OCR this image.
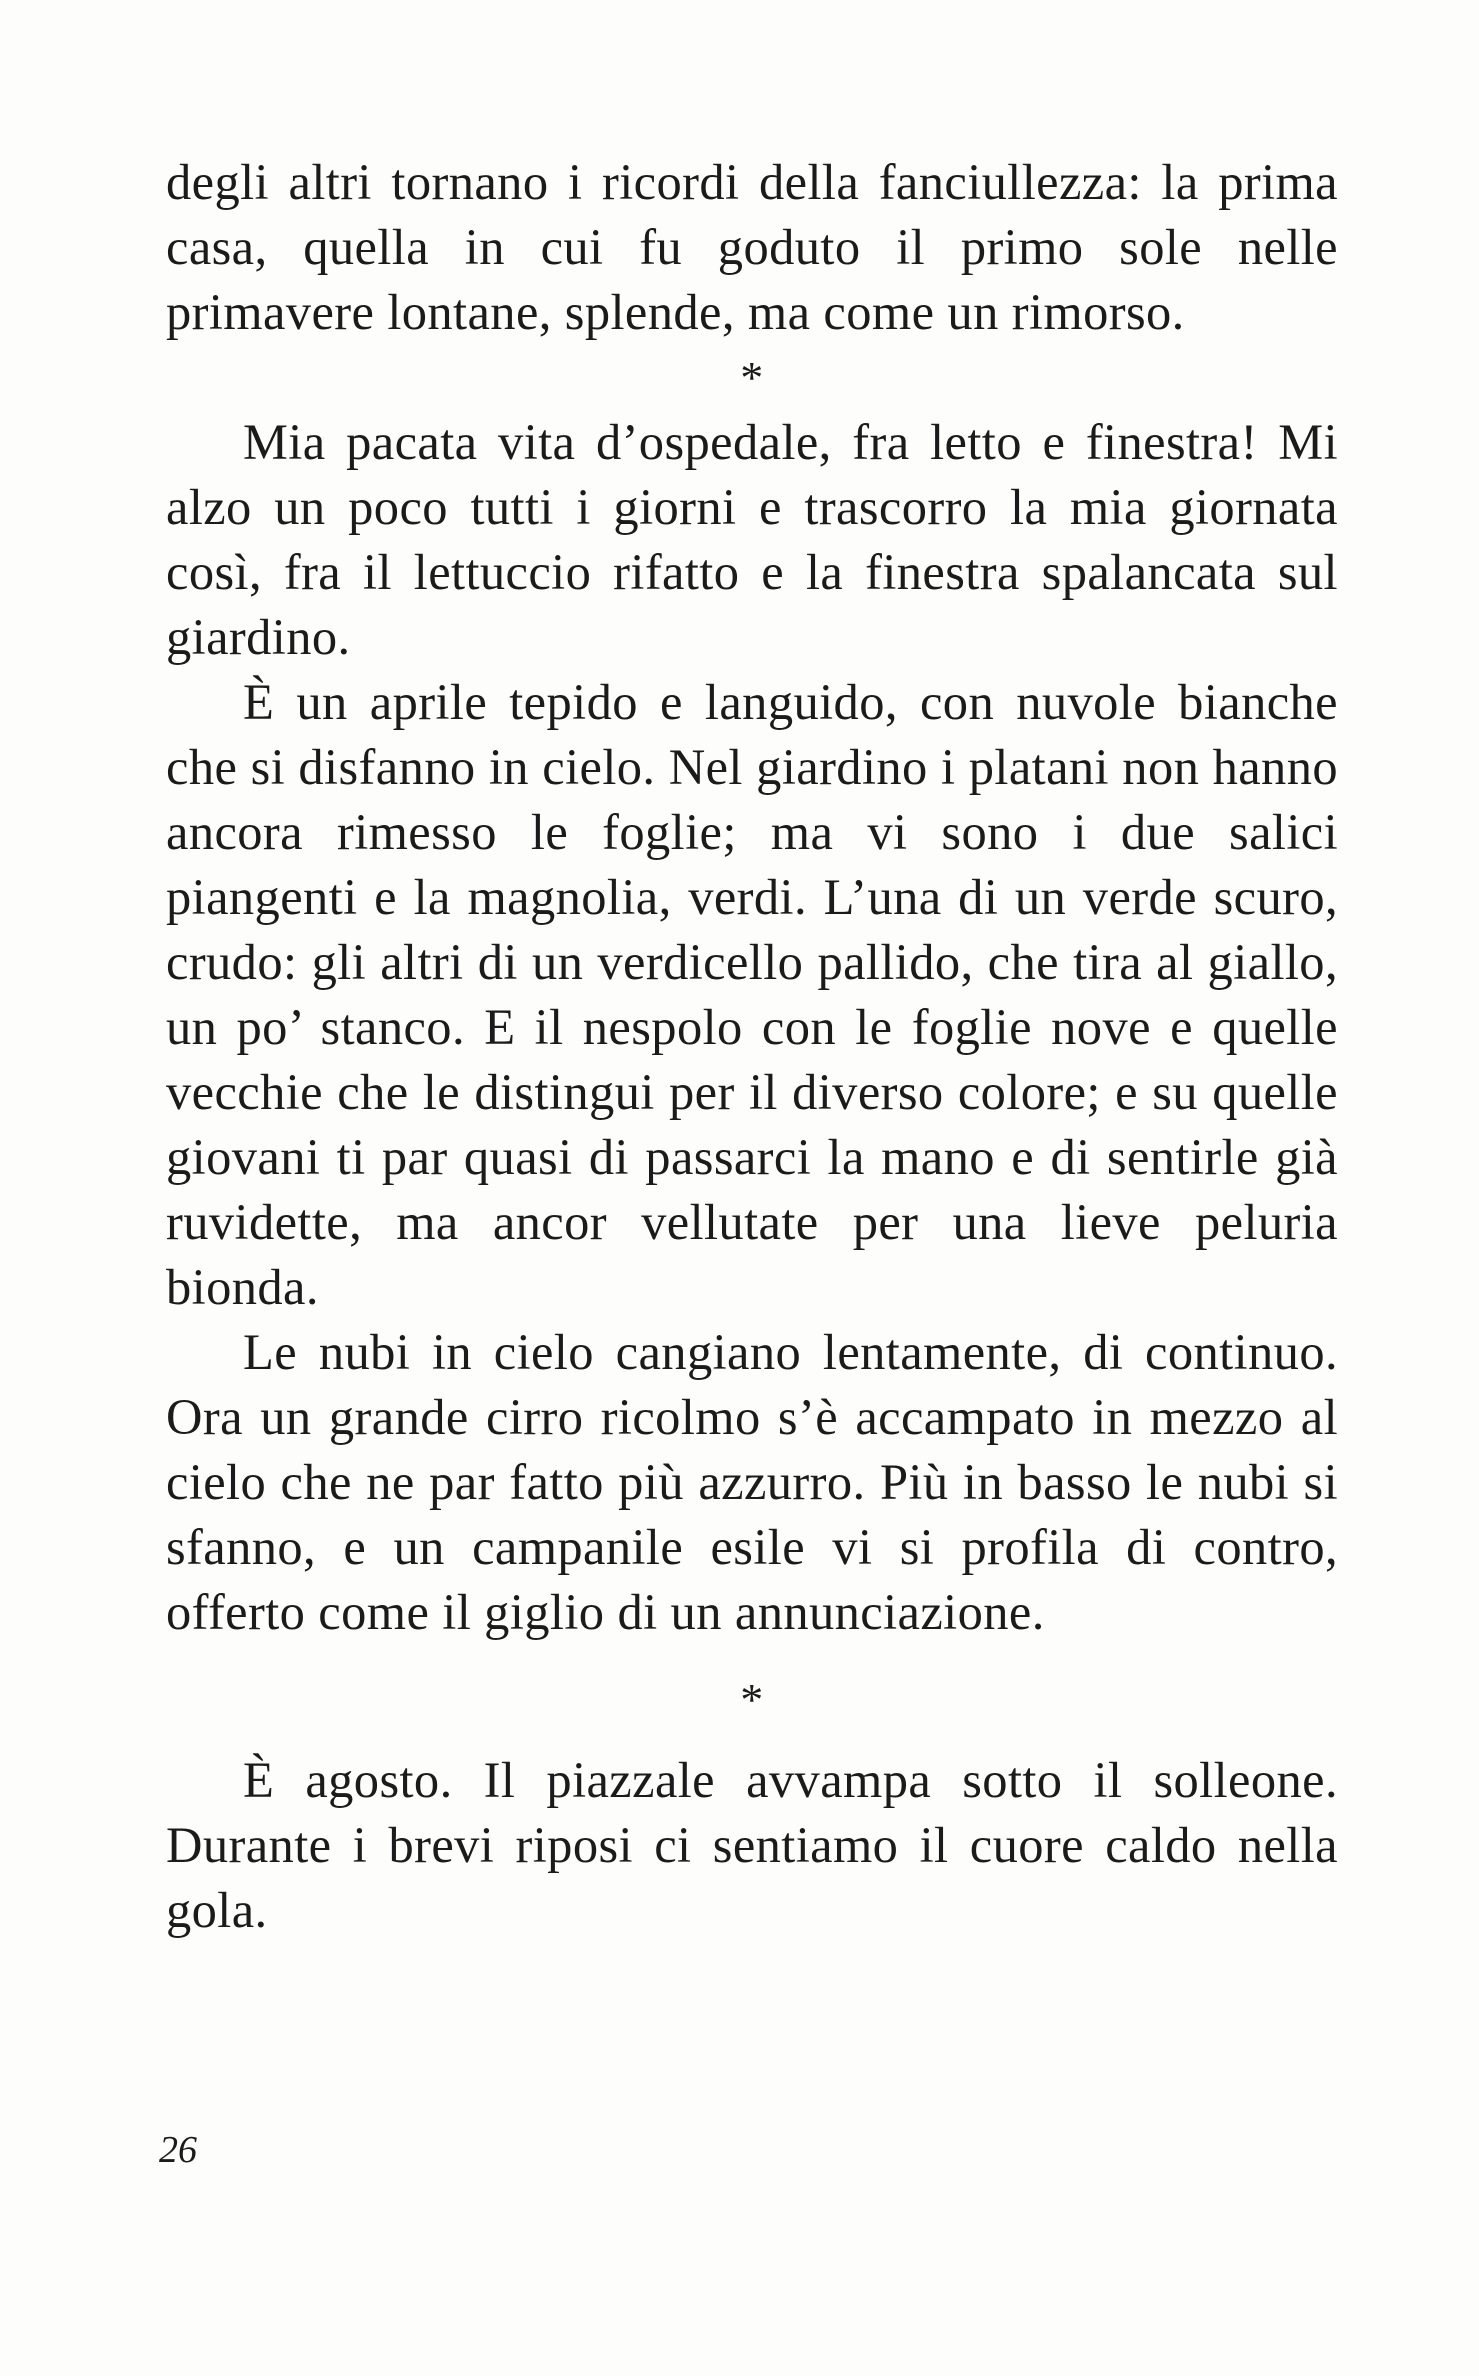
degli altri tornano i ricordi della fanciullezza: la prima casa, quella in cui fu goduto il primo sole nelle primavere lontane, splende, ma come un rimorso.

*

Mia pacata vita d’ospedale, fra letto e finestra! Mi alzo un poco tutti i giorni e trascorro la mia giornata così, fra il lettuccio rifatto e la finestra spalancata sul giardino.

È un aprile tepido e languido, con nuvole bianche che si disfanno in cielo. Nel giardino i platani non hanno ancora rimesso le foglie; ma vi sono i due salici piangenti e la magnolia, verdi. L’una di un verde scuro, crudo: gli altri di un verdicello pallido, che tira al giallo, un po’ stanco. E il nespolo con le foglie nove e quelle vecchie che le distingui per il diverso colore; e su quelle giovani ti par quasi di passarci la mano e di sentirle già ruvidette, ma ancor vellutate per una lieve peluria bionda.

Le nubi in cielo cangiano lentamente, di continuo. Ora un grande cirro ricolmo s’è accampato in mezzo al cielo che ne par fatto più azzurro. Più in basso le nubi si sfanno, e un campanile esile vi si profila di contro, offerto come il giglio di un annunciazione.

*

È agosto. Il piazzale avvampa sotto il solleone. Durante i brevi riposi ci sentiamo il cuore caldo nella gola.

26
